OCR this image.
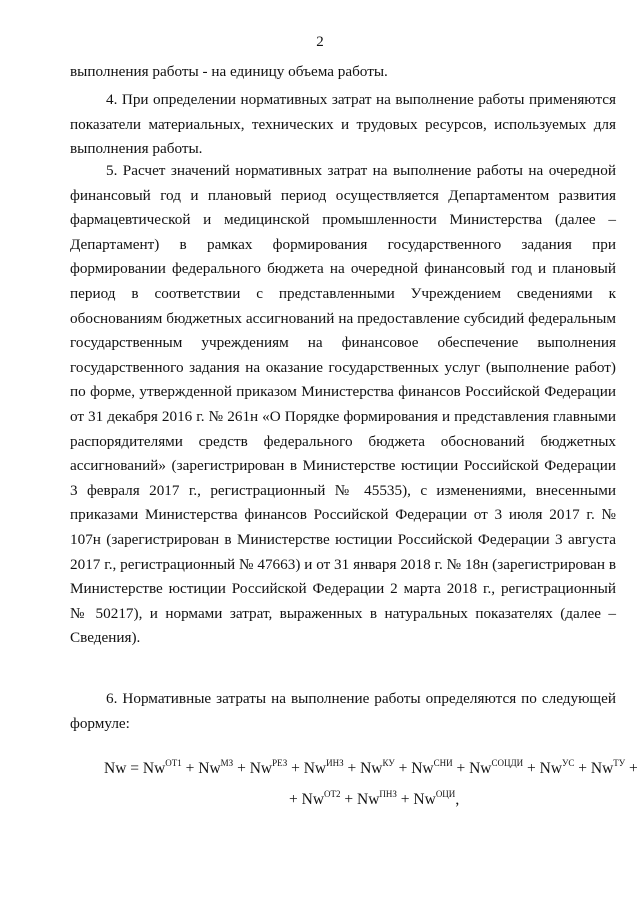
2

выполнения работы - на единицу объема работы.

4. При определении нормативных затрат на выполнение работы применяются показатели материальных, технических и трудовых ресурсов, используемых для выполнения работы.

5. Расчет значений нормативных затрат на выполнение работы на очередной финансовый год и плановый период осуществляется Департаментом развития фармацевтической и медицинской промышленности Министерства (далее – Департамент) в рамках формирования государственного задания при формировании федерального бюджета на очередной финансовый год и плановый период в соответствии с представленными Учреждением сведениями к обоснованиям бюджетных ассигнований на предоставление субсидий федеральным государственным учреждениям на финансовое обеспечение выполнения государственного задания на оказание государственных услуг (выполнение работ) по форме, утвержденной приказом Министерства финансов Российской Федерации от 31 декабря 2016 г. № 261н «О Порядке формирования и представления главными распорядителями средств федерального бюджета обоснований бюджетных ассигнований» (зарегистрирован в Министерстве юстиции Российской Федерации 3 февраля 2017 г., регистрационный № 45535), с изменениями, внесенными приказами Министерства финансов Российской Федерации от 3 июля 2017 г. № 107н (зарегистрирован в Министерстве юстиции Российской Федерации 3 августа 2017 г., регистрационный № 47663) и от 31 января 2018 г. № 18н (зарегистрирован в Министерстве юстиции Российской Федерации 2 марта 2018 г., регистрационный № 50217), и нормами затрат, выраженных в натуральных показателях (далее – Сведения).

6. Нормативные затраты на выполнение работы определяются по следующей формуле:

$Nw = Nw^{ОТ1} + Nw^{МЗ} + Nw^{РЕЗ} + Nw^{ИНЗ} + Nw^{КУ} + Nw^{СНИ} + Nw^{СОЦДИ} + Nw^{УС} + Nw^{ТУ}$ +
+ $Nw^{ОТ2} + Nw^{ПНЗ} + Nw^{ОЦИ}$,
